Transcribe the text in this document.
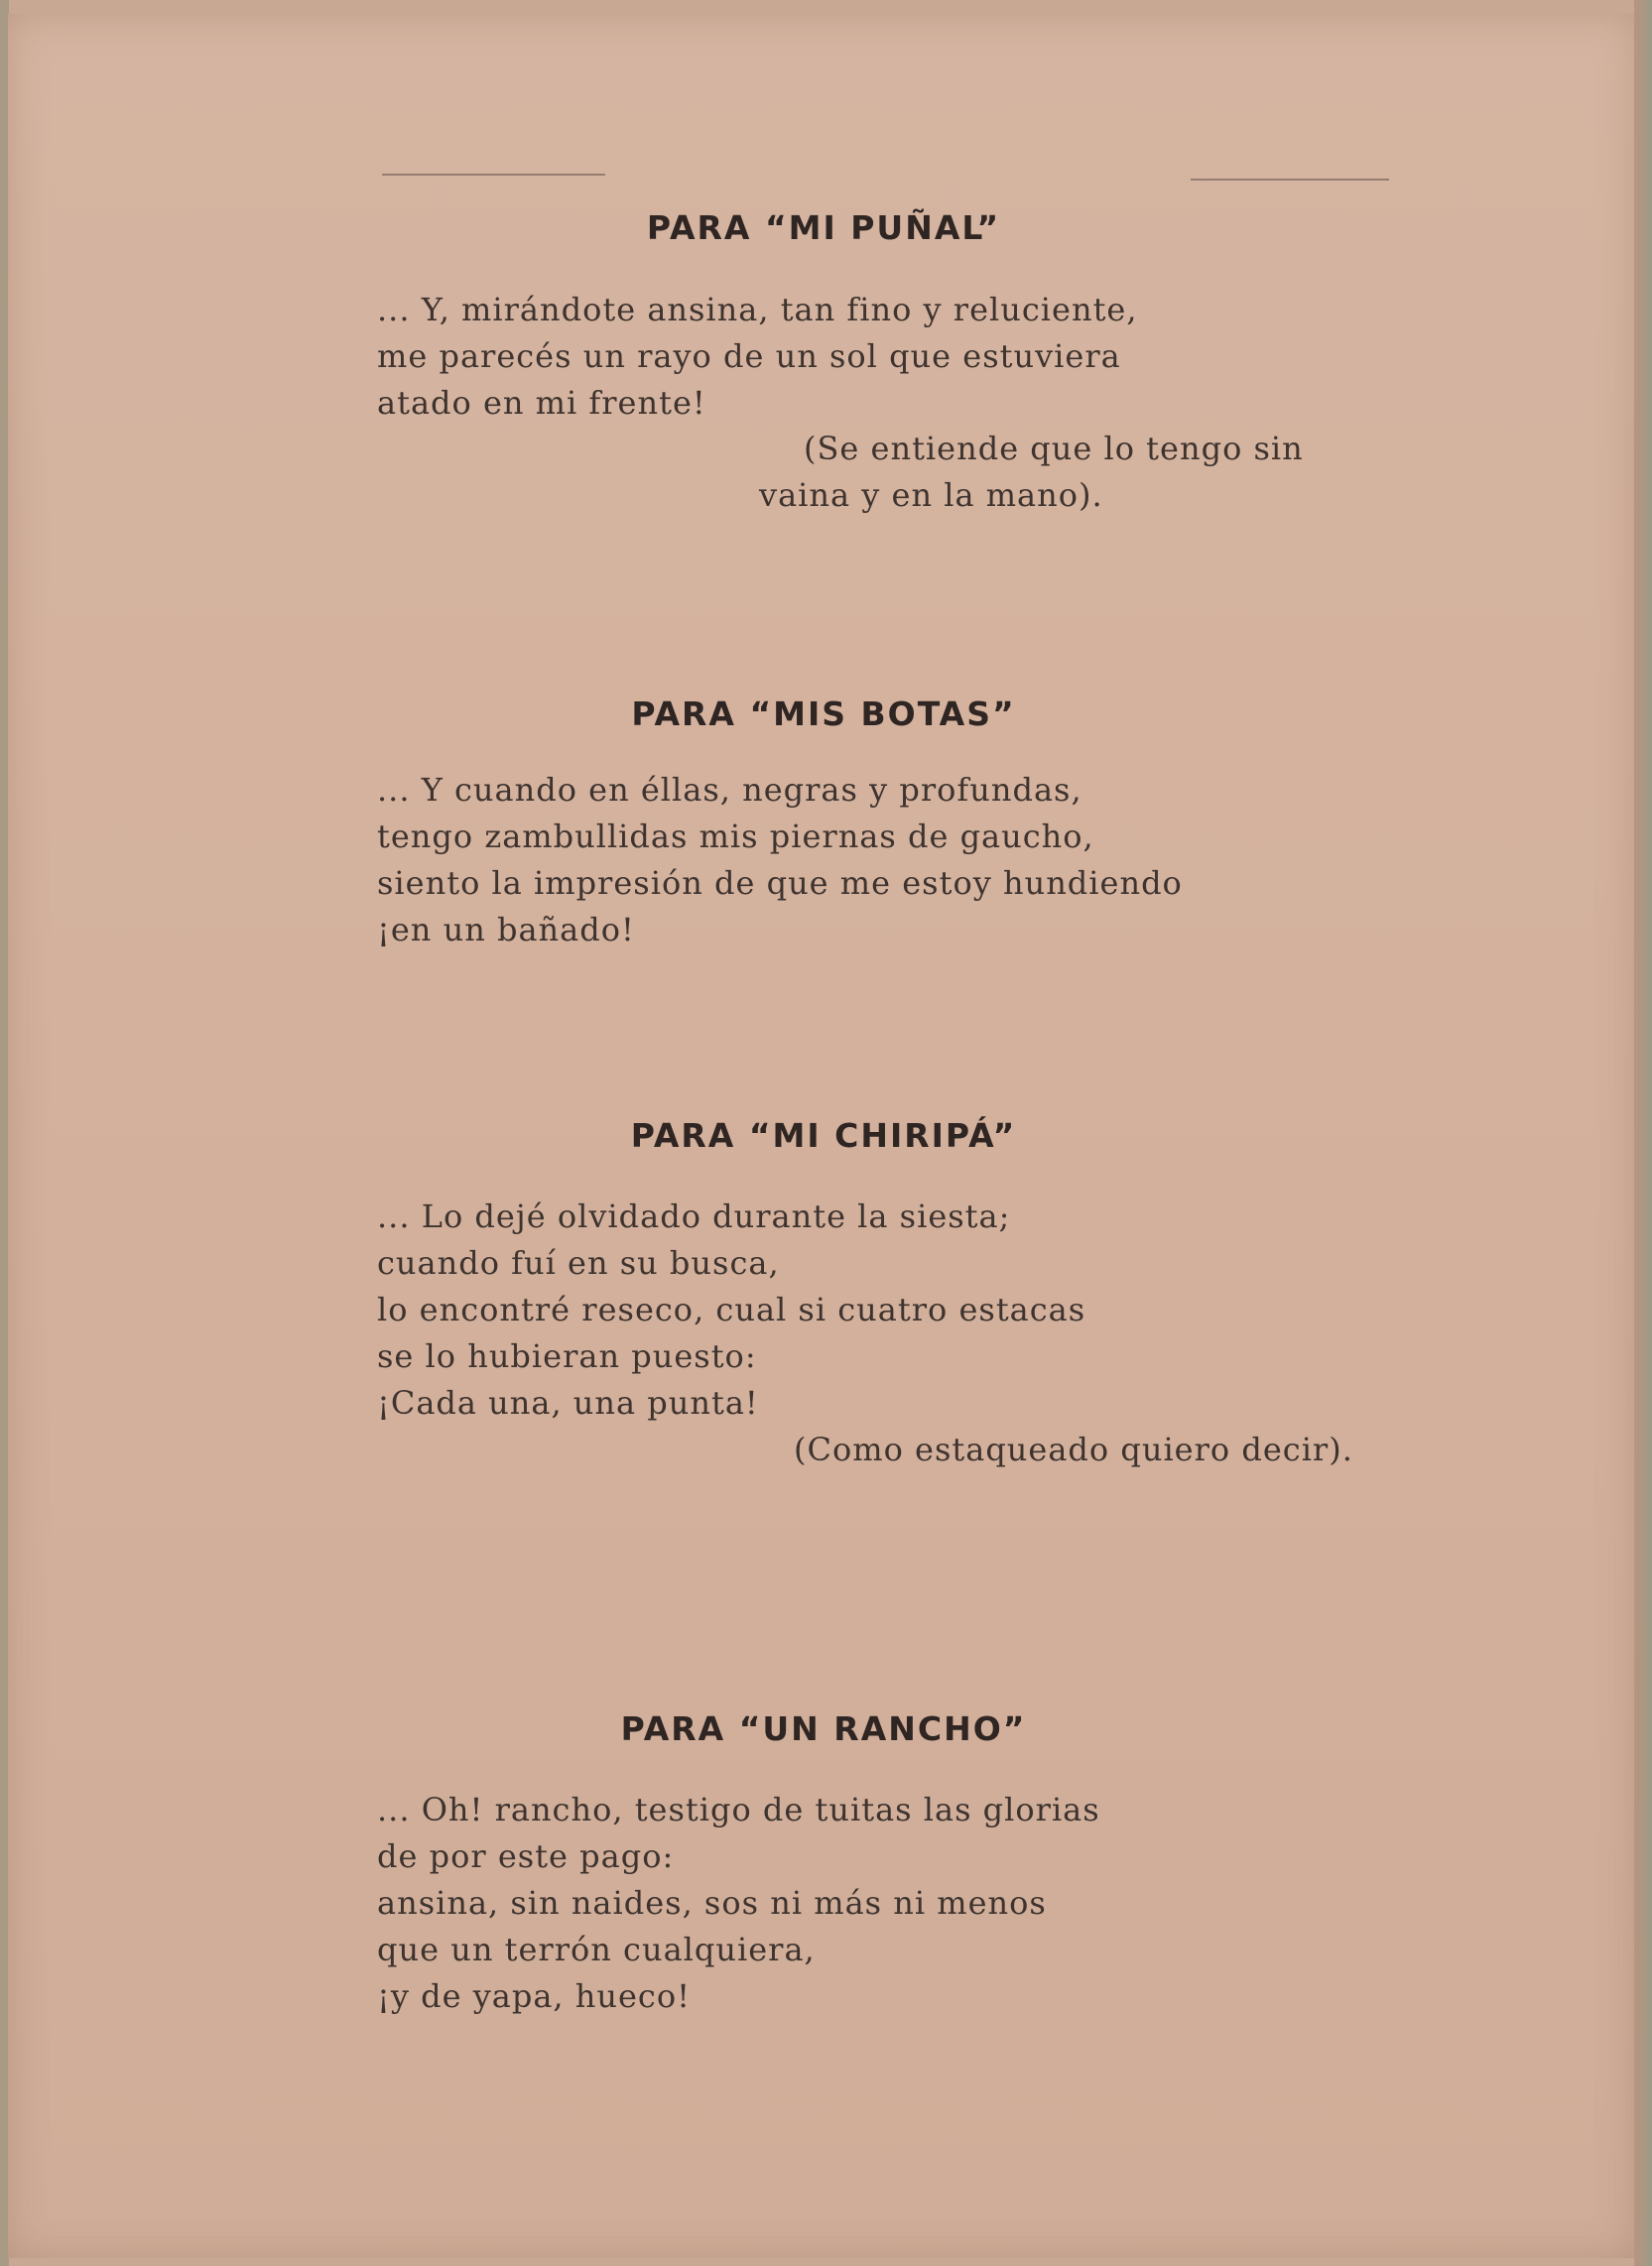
PARA “MI PUÑAL”
... Y, mirándote ansina, tan fino y reluciente,
me parecés un rayo de un sol que estuviera
atado en mi frente!
(Se entiende que lo tengo sin
vaina y en la mano).
PARA “MIS BOTAS”
... Y cuando en éllas, negras y profundas,
tengo zambullidas mis piernas de gaucho,
siento la impresión de que me estoy hundiendo
¡en un bañado!
PARA “MI CHIRIPÁ”
... Lo dejé olvidado durante la siesta;
cuando fuí en su busca,
lo encontré reseco, cual si cuatro estacas
se lo hubieran puesto:
¡Cada una, una punta!
(Como estaqueado quiero decir).
PARA “UN RANCHO”
... Oh! rancho, testigo de tuitas las glorias
de por este pago:
ansina, sin naides, sos ni más ni menos
que un terrón cualquiera,
¡y de yapa, hueco!
